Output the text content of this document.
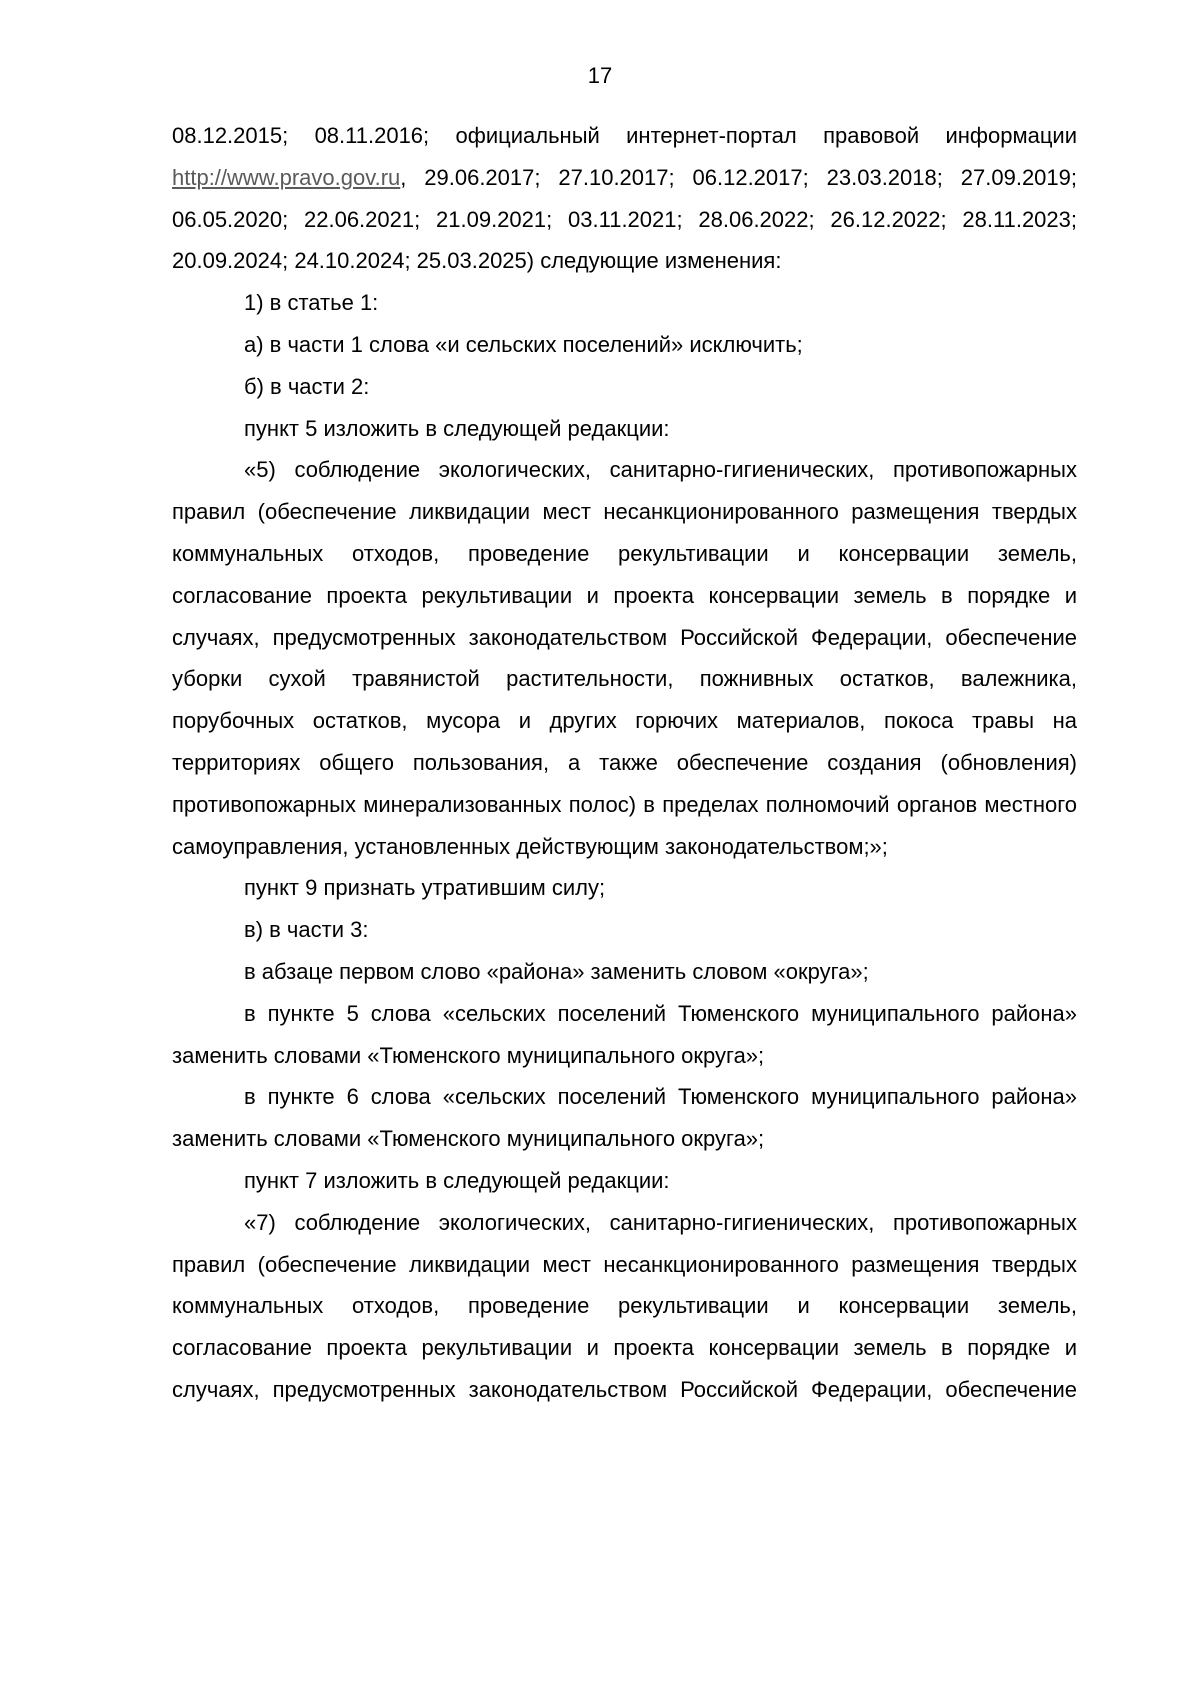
17

08.12.2015; 08.11.2016; официальный интернет-портал правовой информации http://www.pravo.gov.ru, 29.06.2017; 27.10.2017; 06.12.2017; 23.03.2018; 27.09.2019; 06.05.2020; 22.06.2021; 21.09.2021; 03.11.2021; 28.06.2022; 26.12.2022; 28.11.2023; 20.09.2024; 24.10.2024; 25.03.2025) следующие изменения:

1) в статье 1:

а) в части 1 слова «и сельских поселений» исключить;

б) в части 2:

пункт 5 изложить в следующей редакции:

«5) соблюдение экологических, санитарно-гигиенических, противопожарных правил (обеспечение ликвидации мест несанкционированного размещения твердых коммунальных отходов, проведение рекультивации и консервации земель, согласование проекта рекультивации и проекта консервации земель в порядке и случаях, предусмотренных законодательством Российской Федерации, обеспечение уборки сухой травянистой растительности, пожнивных остатков, валежника, порубочных остатков, мусора и других горючих материалов, покоса травы на территориях общего пользования, а также обеспечение создания (обновления) противопожарных минерализованных полос) в пределах полномочий органов местного самоуправления, установленных действующим законодательством;»;

пункт 9 признать утратившим силу;

в) в части 3:

в абзаце первом слово «района» заменить словом «округа»;

в пункте 5 слова «сельских поселений Тюменского муниципального района» заменить словами «Тюменского муниципального округа»;

в пункте 6 слова «сельских поселений Тюменского муниципального района» заменить словами «Тюменского муниципального округа»;

пункт 7 изложить в следующей редакции:

«7) соблюдение экологических, санитарно-гигиенических, противопожарных правил (обеспечение ликвидации мест несанкционированного размещения твердых коммунальных отходов, проведение рекультивации и консервации земель, согласование проекта рекультивации и проекта консервации земель в порядке и случаях, предусмотренных законодательством Российской Федерации, обеспечение
